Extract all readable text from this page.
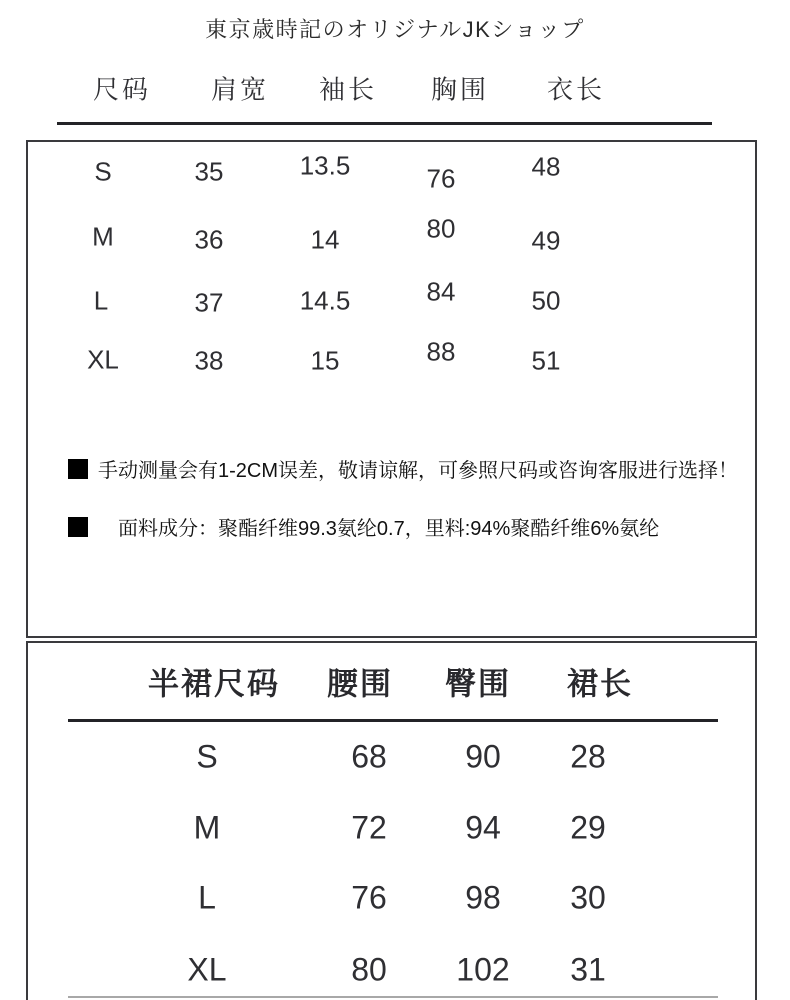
東京歳時記のオリジナルJKショップ
尺码 肩宽 袖长 胸围 衣长
S	35	13.5	76	48
M	36	14	80	49
L	37	14.5	84	50
XL	38	15	88	51
手动测量会有1-2CM误差，敬请谅解，可參照尺码或咨询客服进行选择！
面料成分：聚酯纤维99.3氨纶0.7，里料:94%聚酷纤维6%氨纶
半裙尺码 腰围 臀围 裙长
S	68 90 28
M	72 94 29
L	76 98 30
XL	80 102 31
